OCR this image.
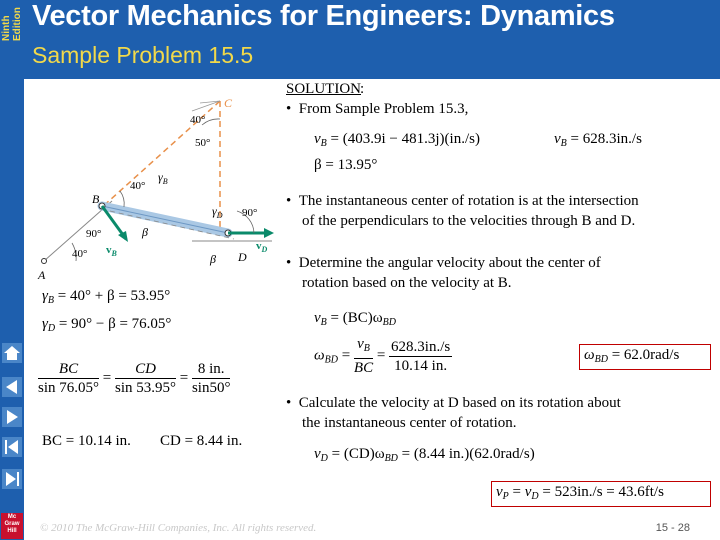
Ninth Edition
Mc
Graw
Hill
Vector Mechanics for Engineers: Dynamics
Sample Problem 15.5
C
40°
50°
B
40°
$\gamma_B$
$\gamma_D$ 90°
90°	β
β D
$v_B$
$v_D$
40°
A
$\gamma_B = 40^\circ + \beta = 53.95^\circ$
$\gamma_D = 90^\circ - \beta = 76.05^\circ$
$\frac{BC}{\sin 76.05^\circ} = \frac{CD}{\sin 53.95^\circ} = \frac{8 in.}{\sin 50^\circ}$
BC = 10.14 in. CD = 8.44 in.
SOLUTION :
•  From Sample Problem 15.3,
$v_B = (403.9i - 481.3j)(in./s)$	$v_B = 628.3in./s$
β = 13.95°
•  The instantaneous center of rotation is at the intersection
of the perpendiculars to the velocities through B and D.
•  Determine the angular velocity about the center of
rotation based on the velocity at B.
$v_B = (BC)\omega_{BD}$
$\omega_{BD} = \frac{v_B}{BC} = \frac{628.3in./s}{10.14 in.}$	$\omega_{BD} = 62.0rad/s$
•  Calculate the velocity at D based on its rotation about
the instantaneous center of rotation.
$v_D = (CD)\omega_{BD} = (8.44$ in.)(62.0rad/s)
$v_P = v_D = 523in./s = 43.6ft/s$
© 2010 The McGraw-Hill Companies, Inc. All rights reserved.	15 - 28
